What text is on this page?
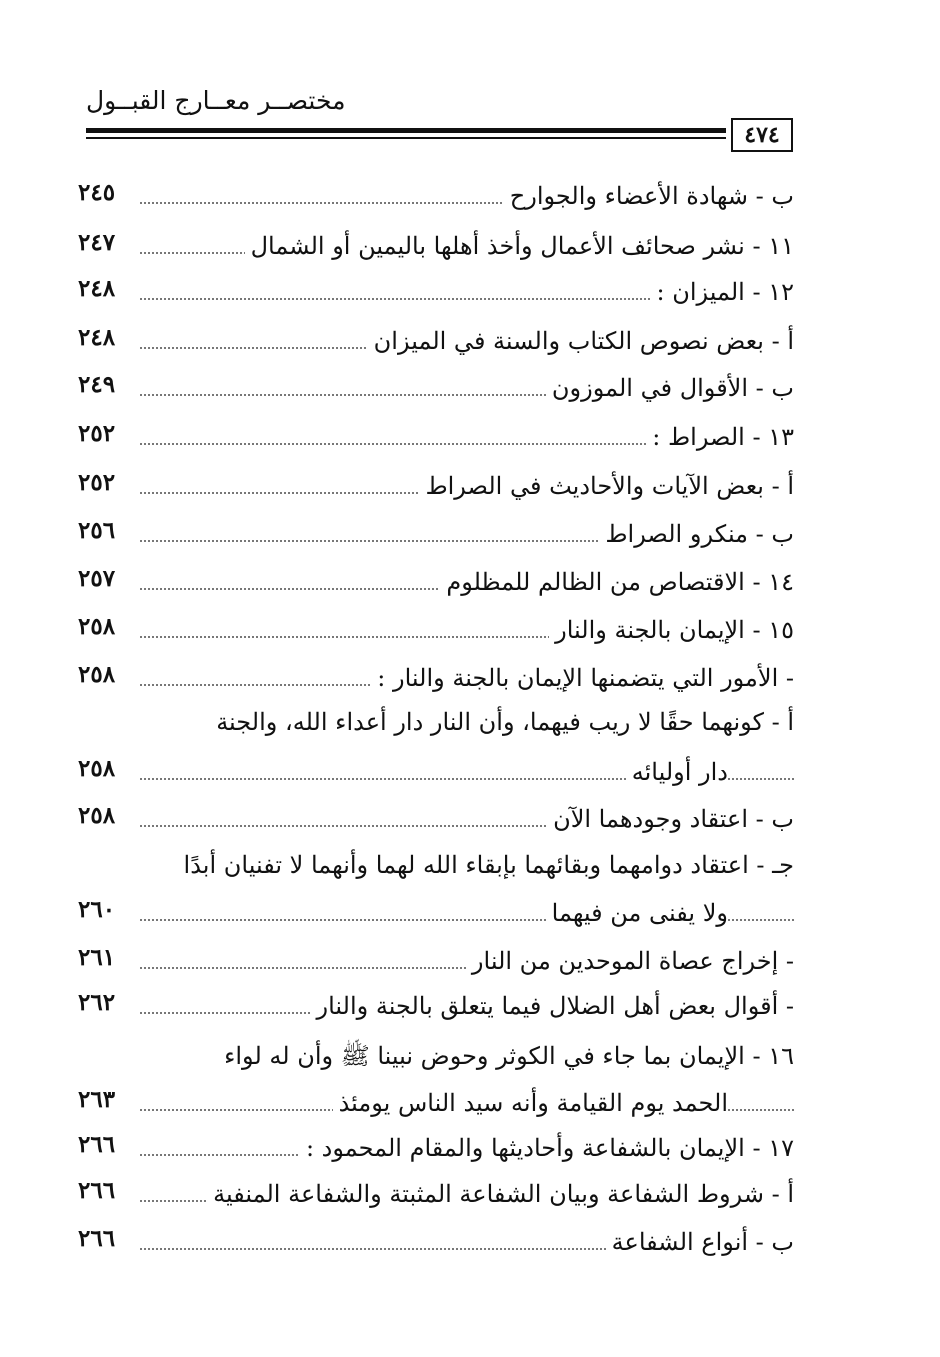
مختصــر معــارج القبــول
٤٧٤
ب - شهادة الأعضاء والجوارح
٢٤٥
١١ - نشر صحائف الأعمال وأخذ أهلها باليمين أو الشمال
٢٤٧
١٢ - الميزان :
٢٤٨
أ - بعض نصوص الكتاب والسنة في الميزان
٢٤٨
ب - الأقوال في الموزون
٢٤٩
١٣ - الصراط :
٢٥٢
أ - بعض الآيات والأحاديث في الصراط
٢٥٢
ب - منكرو الصراط
٢٥٦
١٤ - الاقتصاص من الظالم للمظلوم
٢٥٧
١٥ - الإيمان بالجنة والنار
٢٥٨
- الأمور التي يتضمنها الإيمان بالجنة والنار :
٢٥٨
أ - كونهما حقًا لا ريب فيهما، وأن النار دار أعداء الله، والجنة
دار أوليائه
٢٥٨
ب - اعتقاد وجودهما الآن
٢٥٨
جـ - اعتقاد دوامهما وبقائهما بإبقاء الله لهما وأنهما لا تفنيان أبدًا
ولا يفنى من فيهما
٢٦٠
- إخراج عصاة الموحدين من النار
٢٦١
- أقوال بعض أهل الضلال فيما يتعلق بالجنة والنار
٢٦٢
١٦ - الإيمان بما جاء في الكوثر وحوض نبينا ﷺ وأن له لواء
الحمد يوم القيامة وأنه سيد الناس يومئذ
٢٦٣
١٧ - الإيمان بالشفاعة وأحاديثها والمقام المحمود :
٢٦٦
أ - شروط الشفاعة وبيان الشفاعة المثبتة والشفاعة المنفية
٢٦٦
ب - أنواع الشفاعة
٢٦٦
